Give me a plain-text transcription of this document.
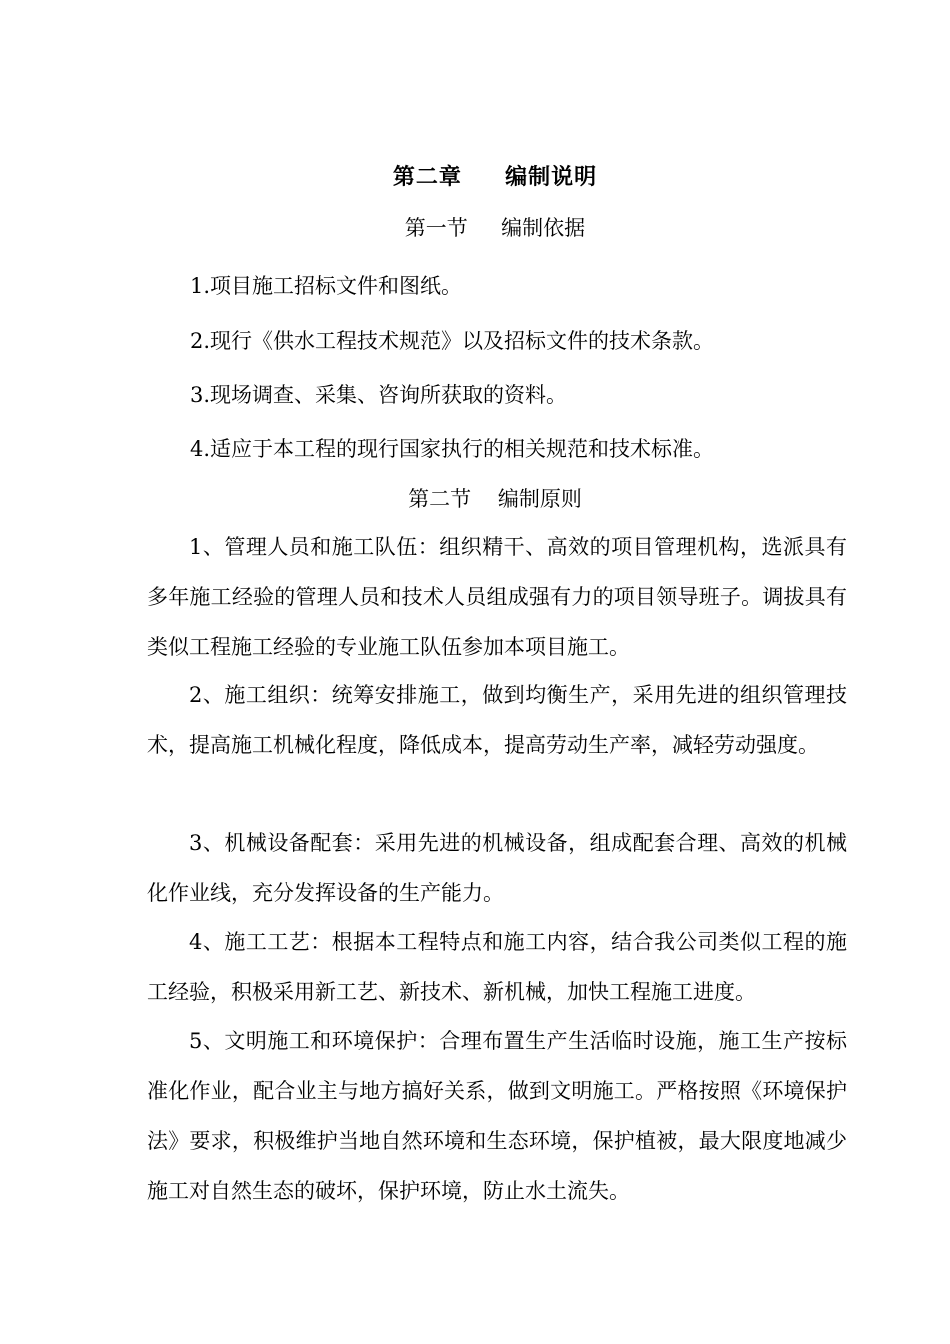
第二章     编制说明
第一节     编制依据
1.项目施工招标文件和图纸。
2.现行《供水工程技术规范》以及招标文件的技术条款。
3.现场调查、采集、咨询所获取的资料。
4.适应于本工程的现行国家执行的相关规范和技术标准。
第二节    编制原则
1、管理人员和施工队伍：组织精干、高效的项目管理机构，选派具有多年施工经验的管理人员和技术人员组成强有力的项目领导班子。调拔具有类似工程施工经验的专业施工队伍参加本项目施工。
2、施工组织：统筹安排施工，做到均衡生产，采用先进的组织管理技术，提高施工机械化程度，降低成本，提高劳动生产率，减轻劳动强度。
3、机械设备配套：采用先进的机械设备，组成配套合理、高效的机械化作业线，充分发挥设备的生产能力。
4、施工工艺：根据本工程特点和施工内容，结合我公司类似工程的施工经验，积极采用新工艺、新技术、新机械，加快工程施工进度。
5、文明施工和环境保护：合理布置生产生活临时设施，施工生产按标准化作业，配合业主与地方搞好关系，做到文明施工。严格按照《环境保护法》要求，积极维护当地自然环境和生态环境，保护植被，最大限度地减少施工对自然生态的破坏，保护环境，防止水土流失。
